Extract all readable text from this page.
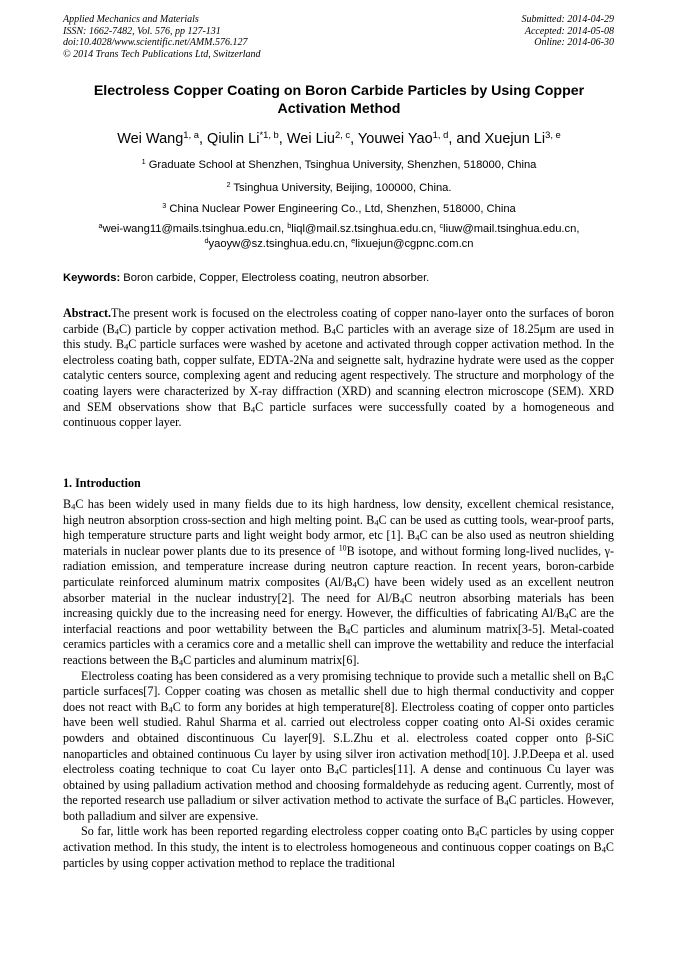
Applied Mechanics and Materials
ISSN: 1662-7482, Vol. 576, pp 127-131
doi:10.4028/www.scientific.net/AMM.576.127
© 2014 Trans Tech Publications Ltd, Switzerland
Submitted: 2014-04-29
Accepted: 2014-05-08
Online: 2014-06-30
Electroless Copper Coating on Boron Carbide Particles by Using Copper
Activation Method
Wei Wang$^{1, a}$, Qiulin Li$^{*1, b}$, Wei Liu$^{2, c}$, Youwei Yao$^{1, d}$, and Xuejun Li$^{3, e}$
$^1$ Graduate School at Shenzhen, Tsinghua University, Shenzhen, 518000, China
$^2$ Tsinghua University, Beijing, 100000, China.
$^3$ China Nuclear Power Engineering Co., Ltd, Shenzhen, 518000, China
$^a$wei-wang11@mails.tsinghua.edu.cn, $^b$liql@mail.sz.tsinghua.edu.cn, $^c$liuw@mail.tsinghua.edu.cn,
$^d$yaoyw@sz.tsinghua.edu.cn, $^e$lixuejun@cgpnc.com.cn
Keywords: Boron carbide, Copper, Electroless coating, neutron absorber.

Abstract.The present work is focused on the electroless coating of copper nano-layer onto the surfaces of boron carbide $(B_4C)$ particle by copper activation method. $B_4C$ particles with an average size of 18.25μm are used in this study. $B_4C$ particle surfaces were washed by acetone and activated through copper activation method. In the electroless coating bath, copper sulfate, EDTA-2Na and seignette salt, hydrazine hydrate were used as the copper catalytic centers source, complexing agent and reducing agent respectively. The structure and morphology of the coating layers were characterized by X-ray diffraction (XRD) and scanning electron microscope (SEM). XRD and SEM observations show that $B_4C$ particle surfaces were successfully coated by a homogeneous and continuous copper layer.

1. Introduction

$B_4C$ has been widely used in many fields due to its high hardness, low density, excellent chemical resistance, high neutron absorption cross-section and high melting point. $B_4C$ can be used as cutting tools, wear-proof parts, high temperature structure parts and light weight body armor, etc [1]. $B_4C$ can be also used as neutron shielding materials in nuclear power plants due to its presence of $^{10}$B isotope, and without forming long-lived nuclides, γ-radiation emission, and temperature increase during neutron capture reaction. In recent years, boron-carbide particulate reinforced aluminum matrix composites $(Al/B_4C)$ have been widely used as an excellent neutron absorber material in the nuclear industry[2]. The need for $Al/B_4C$ neutron absorbing materials has been increasing quickly due to the increasing need for energy. However, the difficulties of fabricating $Al/B_4C$ are the interfacial reactions and poor wettability between the $B_4C$ particles and aluminum matrix[3-5]. Metal-coated ceramics particles with a ceramics core and a metallic shell can improve the wettability and reduce the interfacial reactions between the $B_4C$ particles and aluminum matrix[6].

Electroless coating has been considered as a very promising technique to provide such a metallic shell on $B_4C$ particle surfaces[7]. Copper coating was chosen as metallic shell due to high thermal conductivity and copper does not react with $B_4C$ to form any borides at high temperature[8]. Electroless coating of copper onto particles have been well studied. Rahul Sharma et al. carried out electroless copper coating onto Al-Si oxides ceramic powders and obtained discontinuous Cu layer[9]. S.L.Zhu et al. electroless coated copper onto β-SiC nanoparticles and obtained continuous Cu layer by using silver iron activation method[10]. J.P.Deepa et al. used electroless coating technique to coat Cu layer onto $B_4C$ particles[11]. A dense and continuous Cu layer was obtained by using palladium activation method and choosing formaldehyde as reducing agent. Currently, most of the reported research use palladium or silver activation method to activate the surface of $B_4C$ particles. However, both palladium and silver are expensive.

So far, little work has been reported regarding electroless copper coating onto $B_4C$ particles by using copper activation method. In this study, the intent is to electroless homogeneous and continuous copper coatings on $B_4C$ particles by using copper activation method to replace the traditional
